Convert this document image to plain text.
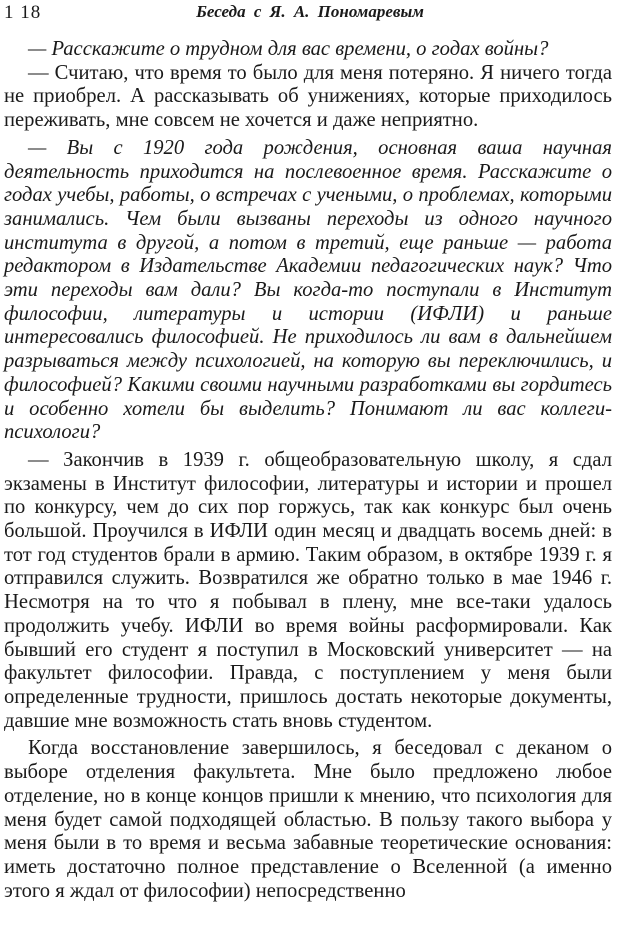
1 18	Беседа с Я. А. Пономаревым

— Расскажите о трудном для вас времени, о годах войны?

— Считаю, что время то было для меня потеряно. Я ничего тогда не приобрел. А рассказывать об унижениях, которые приходилось переживать, мне совсем не хочется и даже неприятно.

— Вы с 1920 года рождения, основная ваша научная деятельность приходится на послевоенное время. Расскажите о годах учебы, работы, о встречах с учеными, о проблемах, которыми занимались. Чем были вызваны переходы из одного научного института в другой, а потом в третий, еще раньше — работа редактором в Издательстве Академии педагогических наук? Что эти переходы вам дали? Вы когда-то поступали в Институт философии, литературы и истории (ИФЛИ) и раньше интересовались философией. Не приходилось ли вам в дальнейшем разрываться между психологией, на которую вы переключились, и философией? Какими своими научными разработками вы гордитесь и особенно хотели бы выделить? Понимают ли вас коллеги-психологи?

— Закончив в 1939 г. общеобразовательную школу, я сдал экзамены в Институт философии, литературы и истории и прошел по конкурсу, чем до сих пор горжусь, так как конкурс был очень большой. Проучился в ИФЛИ один месяц и двадцать восемь дней: в тот год студентов брали в армию. Таким образом, в октябре 1939 г. я отправился служить. Возвратился же обратно только в мае 1946 г. Несмотря на то что я побывал в плену, мне все-таки удалось продолжить учебу. ИФЛИ во время войны расформировали. Как бывший его студент я поступил в Московский университет — на факультет философии. Правда, с поступлением у меня были определенные трудности, пришлось достать некоторые документы, давшие мне возможность стать вновь студентом.

Когда восстановление завершилось, я беседовал с деканом о выборе отделения факультета. Мне было предложено любое отделение, но в конце концов пришли к мнению, что психология для меня будет самой подходящей областью. В пользу такого выбора у меня были в то время и весьма забавные теоретические основания: иметь достаточно полное представление о Вселенной (а именно этого я ждал от философии) непосредственно
